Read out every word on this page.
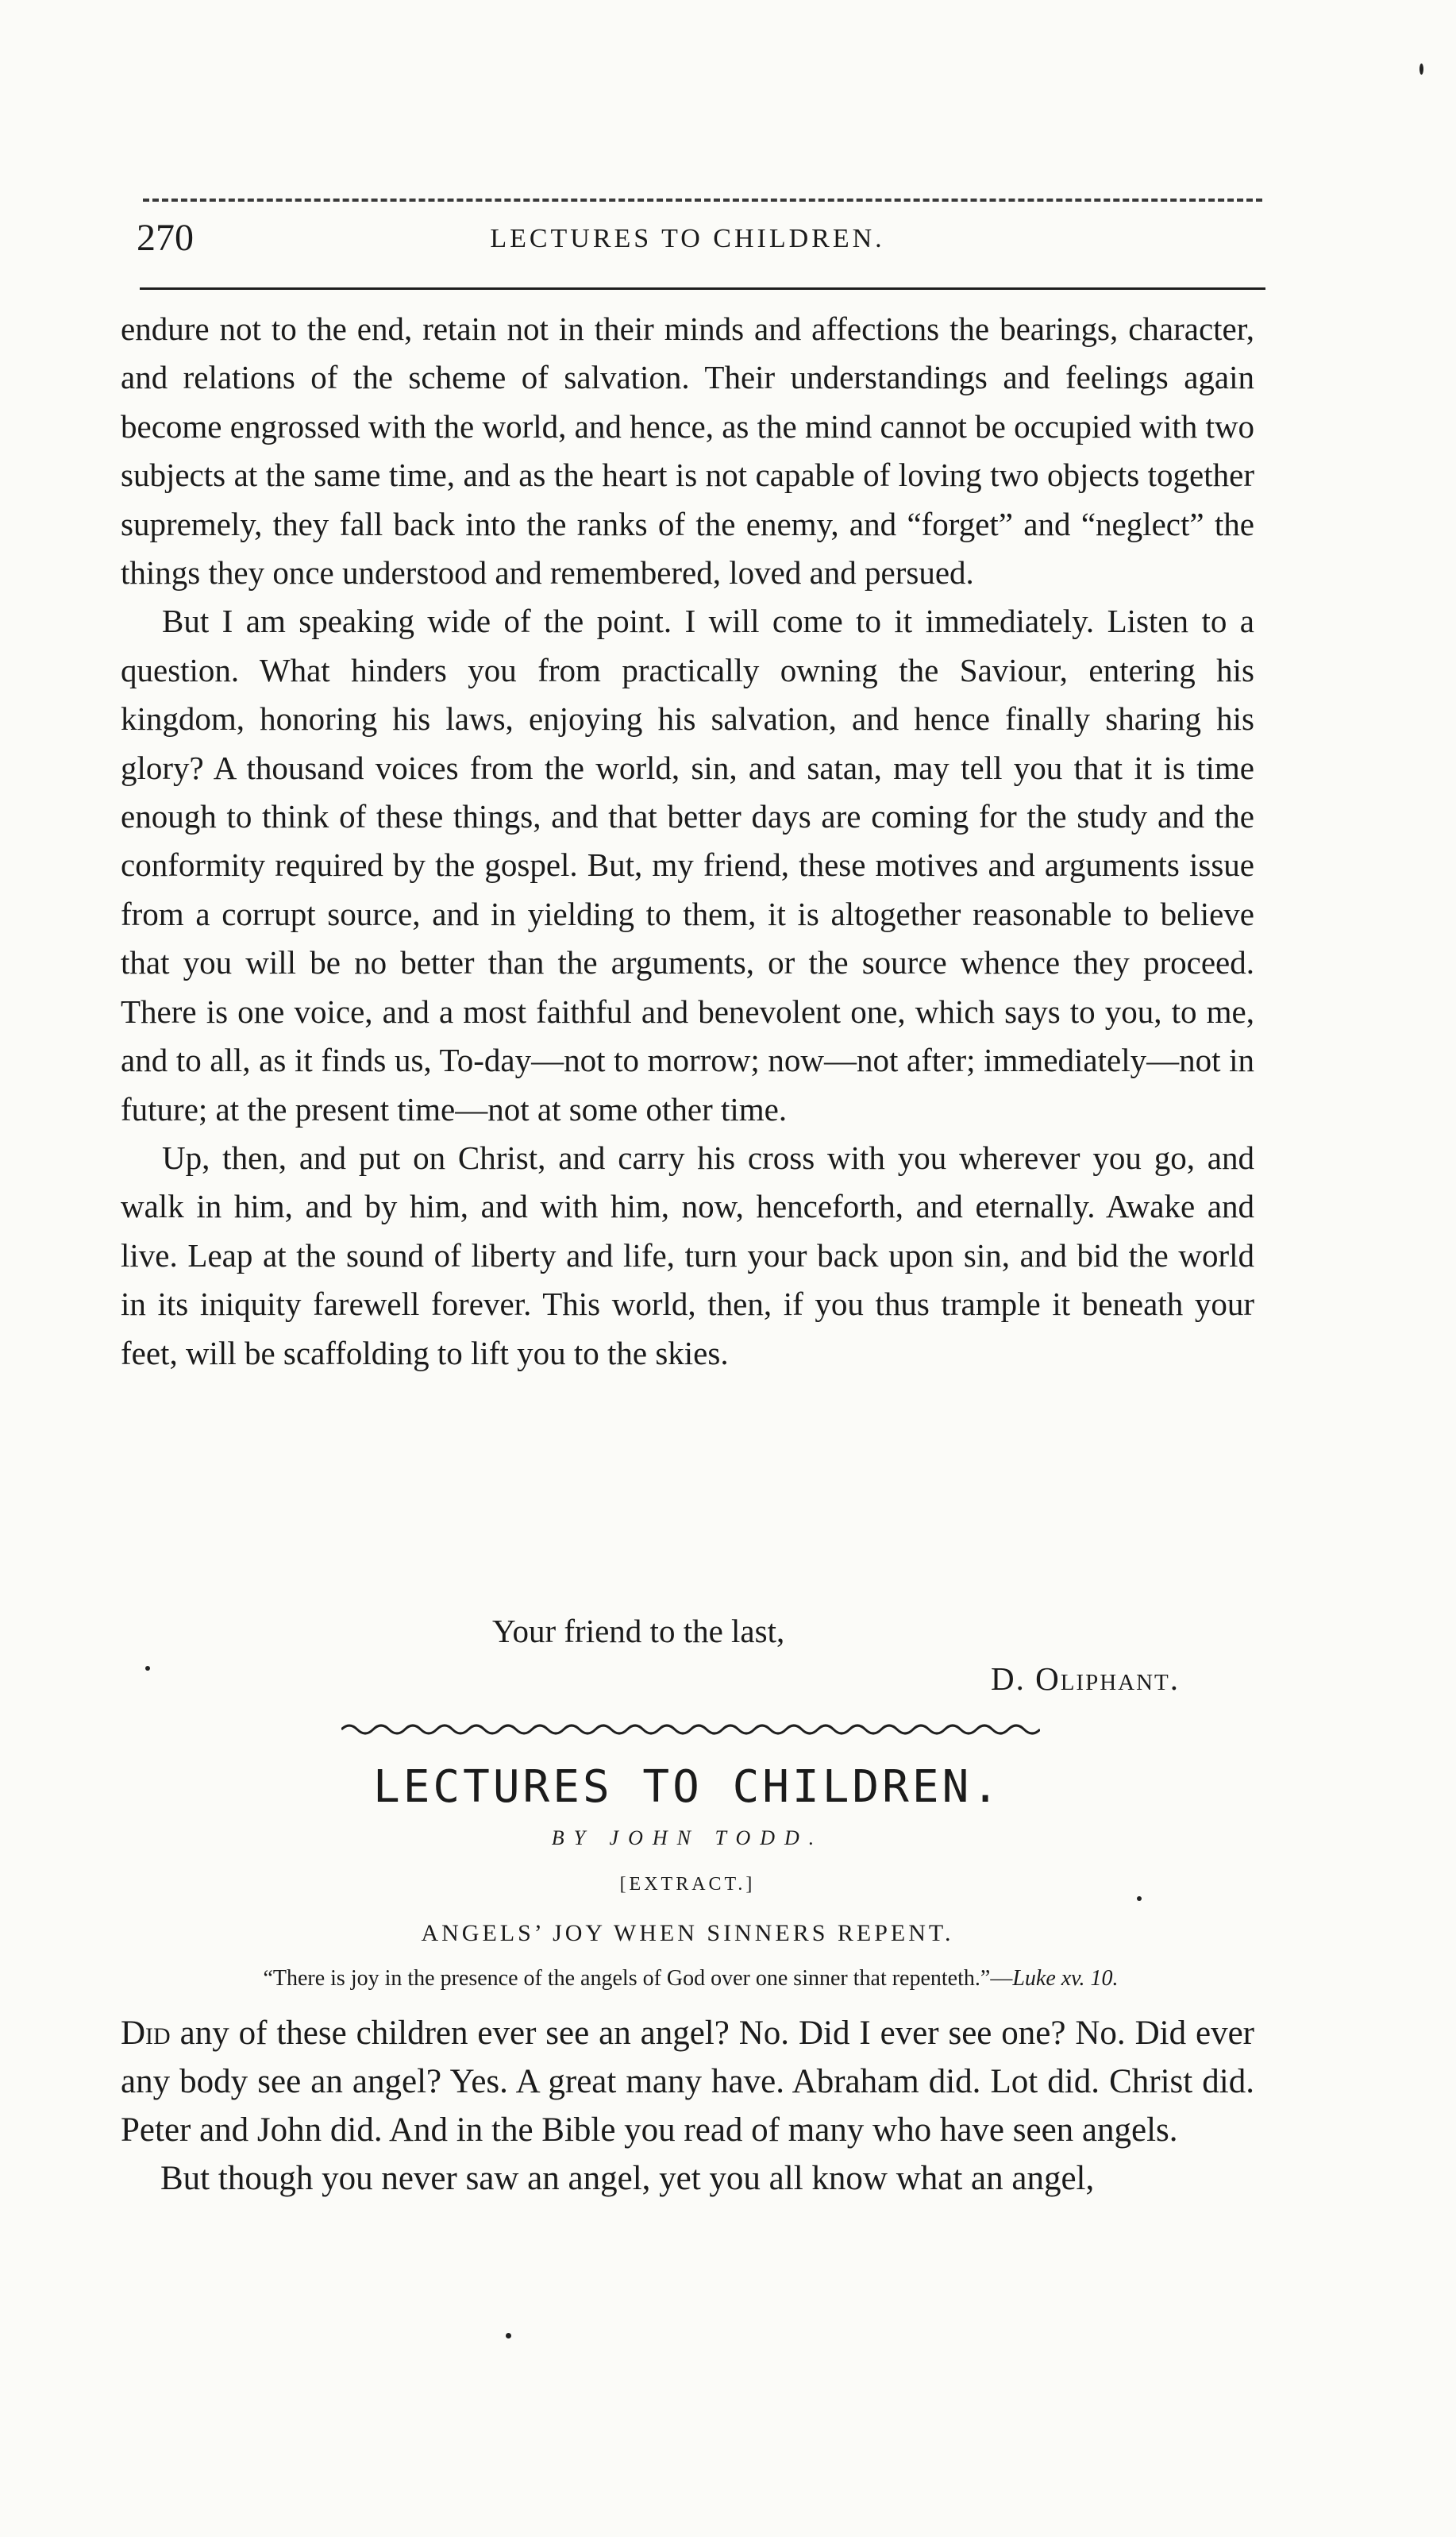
270	LECTURES TO CHILDREN.

endure not to the end, retain not in their minds and affections the bearings, character, and relations of the scheme of salvation. Their understandings and feelings again become engrossed with the world, and hence, as the mind cannot be occupied with two subjects at the same time, and as the heart is not capable of loving two objects together supremely, they fall back into the ranks of the enemy, and “forget” and “neglect” the things they once understood and remembered, loved and persued.

But I am speaking wide of the point. I will come to it immediately. Listen to a question. What hinders you from practically owning the Saviour, entering his kingdom, honoring his laws, enjoying his salvation, and hence finally sharing his glory? A thousand voices from the world, sin, and satan, may tell you that it is time enough to think of these things, and that better days are coming for the study and the conformity required by the gospel. But, my friend, these motives and arguments issue from a corrupt source, and in yielding to them, it is altogether reasonable to believe that you will be no better than the arguments, or the source whence they proceed. There is one voice, and a most faithful and benevolent one, which says to you, to me, and to all, as it finds us, To-day—not to morrow; now—not after; immediately—not in future; at the present time—not at some other time.

Up, then, and put on Christ, and carry his cross with you wherever you go, and walk in him, and by him, and with him, now, henceforth, and eternally. Awake and live. Leap at the sound of liberty and life, turn your back upon sin, and bid the world in its iniquity farewell forever. This world, then, if you thus trample it beneath your feet, will be scaffolding to lift you to the skies.

Your friend to the last,
D. Oliphant.
LECTURES TO CHILDREN.
BY JOHN TODD.
[EXTRACT.]
ANGELS’ JOY WHEN SINNERS REPENT.
“There is joy in the presence of the angels of God over one sinner that repenteth.”—Luke xv. 10.

Did any of these children ever see an angel? No. Did I ever see one? No. Did ever any body see an angel? Yes. A great many have. Abraham did. Lot did. Christ did. Peter and John did. And in the Bible you read of many who have seen angels.

But though you never saw an angel, yet you all know what an angel,
